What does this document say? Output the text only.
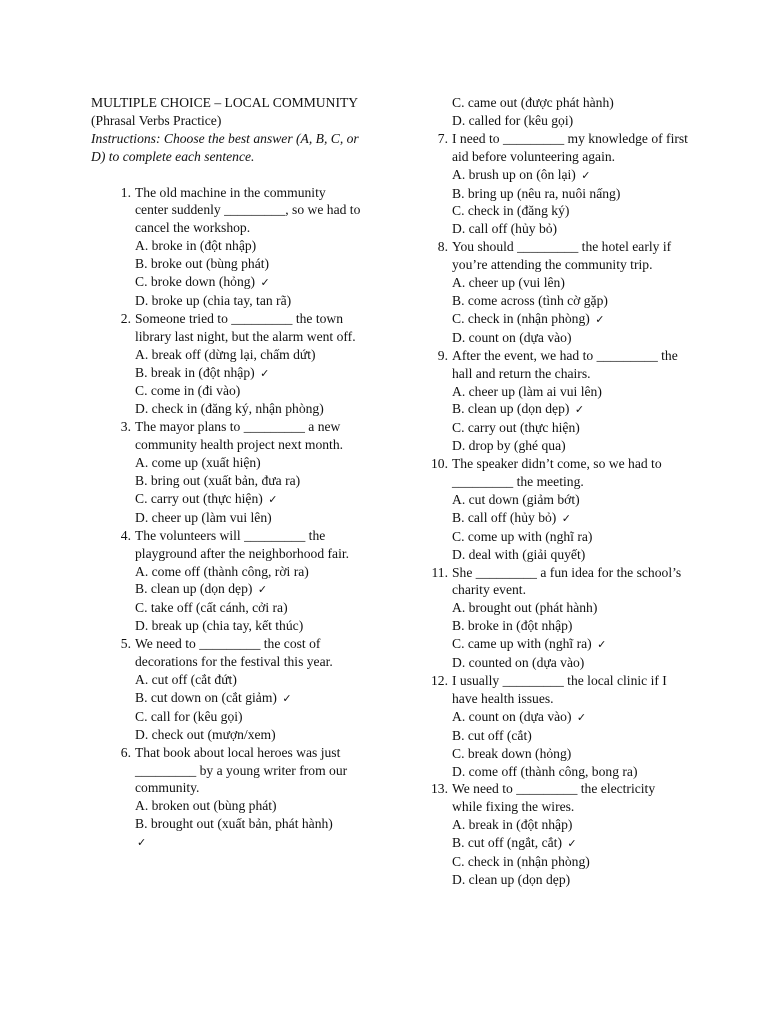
MULTIPLE CHOICE – LOCAL COMMUNITY (Phrasal Verbs Practice)
Instructions: Choose the best answer (A, B, C, or D) to complete each sentence.
1. The old machine in the community center suddenly _________, so we had to cancel the workshop.
A. broke in (đột nhập)
B. broke out (bùng phát)
C. broke down (hỏng) ✓
D. broke up (chia tay, tan rã)
2. Someone tried to _________ the town library last night, but the alarm went off.
A. break off (dừng lại, chấm dứt)
B. break in (đột nhập) ✓
C. come in (đi vào)
D. check in (đăng ký, nhận phòng)
3. The mayor plans to _________ a new community health project next month.
A. come up (xuất hiện)
B. bring out (xuất bản, đưa ra)
C. carry out (thực hiện) ✓
D. cheer up (làm vui lên)
4. The volunteers will _________ the playground after the neighborhood fair.
A. come off (thành công, rời ra)
B. clean up (dọn dẹp) ✓
C. take off (cất cánh, cởi ra)
D. break up (chia tay, kết thúc)
5. We need to _________ the cost of decorations for the festival this year.
A. cut off (cắt đứt)
B. cut down on (cắt giảm) ✓
C. call for (kêu gọi)
D. check out (mượn/xem)
6. That book about local heroes was just _________ by a young writer from our community.
A. broken out (bùng phát)
B. brought out (xuất bản, phát hành)
✓
C. came out (được phát hành)
D. called for (kêu gọi)
7. I need to _________ my knowledge of first aid before volunteering again.
A. brush up on (ôn lại) ✓
B. bring up (nêu ra, nuôi nấng)
C. check in (đăng ký)
D. call off (hủy bỏ)
8. You should _________ the hotel early if you’re attending the community trip.
A. cheer up (vui lên)
B. come across (tình cờ gặp)
C. check in (nhận phòng) ✓
D. count on (dựa vào)
9. After the event, we had to _________ the hall and return the chairs.
A. cheer up (làm ai vui lên)
B. clean up (dọn dẹp) ✓
C. carry out (thực hiện)
D. drop by (ghé qua)
10. The speaker didn’t come, so we had to _________ the meeting.
A. cut down (giảm bớt)
B. call off (hủy bỏ) ✓
C. come up with (nghĩ ra)
D. deal with (giải quyết)
11. She _________ a fun idea for the school’s charity event.
A. brought out (phát hành)
B. broke in (đột nhập)
C. came up with (nghĩ ra) ✓
D. counted on (dựa vào)
12. I usually _________ the local clinic if I have health issues.
A. count on (dựa vào) ✓
B. cut off (cắt)
C. break down (hỏng)
D. come off (thành công, bong ra)
13. We need to _________ the electricity while fixing the wires.
A. break in (đột nhập)
B. cut off (ngắt, cắt) ✓
C. check in (nhận phòng)
D. clean up (dọn dẹp)
